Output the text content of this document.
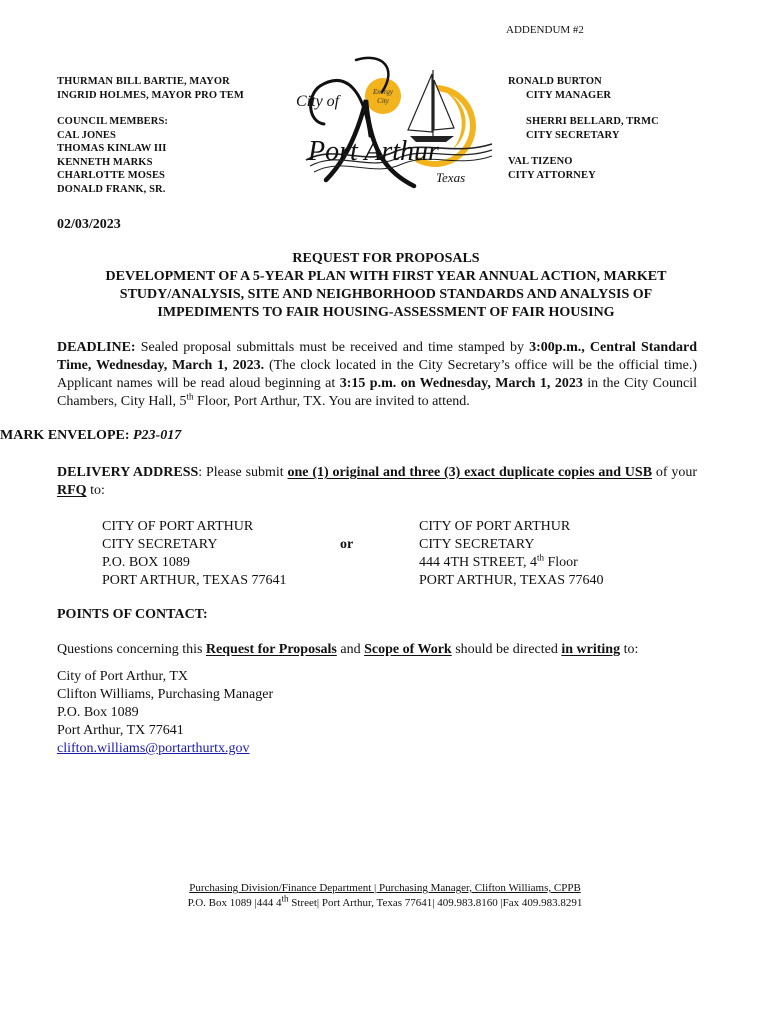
ADDENDUM #2
THURMAN BILL BARTIE, MAYOR
INGRID HOLMES, MAYOR PRO TEM
COUNCIL MEMBERS:
CAL JONES
THOMAS KINLAW III
KENNETH MARKS
CHARLOTTE MOSES
DONALD FRANK, SR.
City of
Port Arthur
Texas
Energy
City
RONALD BURTON
CITY MANAGER
SHERRI BELLARD, TRMC
CITY SECRETARY
VAL TIZENO
CITY ATTORNEY
02/03/2023
REQUEST FOR PROPOSALS
DEVELOPMENT OF A 5-YEAR PLAN WITH FIRST YEAR ANNUAL ACTION, MARKET
STUDY/ANALYSIS, SITE AND NEIGHBORHOOD STANDARDS AND ANALYSIS OF
IMPEDIMENTS TO FAIR HOUSING-ASSESSMENT OF FAIR HOUSING
DEADLINE: Sealed proposal submittals must be received and time stamped by 3:00p.m., Central Standard Time, Wednesday, March 1, 2023. (The clock located in the City Secretary’s office will be the official time.) Applicant names will be read aloud beginning at 3:15 p.m. on Wednesday, March 1, 2023 in the City Council Chambers, City Hall, 5th Floor, Port Arthur, TX. You are invited to attend.
MARK ENVELOPE: P23-017
DELIVERY ADDRESS: Please submit one (1) original and three (3) exact duplicate copies and USB of your RFQ to:
CITY OF PORT ARTHUR
CITY SECRETARY
P.O. BOX 1089
PORT ARTHUR, TEXAS 77641
or
CITY OF PORT ARTHUR
CITY SECRETARY
444 4TH STREET, 4th Floor
PORT ARTHUR, TEXAS 77640
POINTS OF CONTACT:
Questions concerning this Request for Proposals and Scope of Work should be directed in writing to:
City of Port Arthur, TX
Clifton Williams, Purchasing Manager
P.O. Box 1089
Port Arthur, TX 77641
clifton.williams@portarthurtx.gov
Purchasing Division/Finance Department | Purchasing Manager, Clifton Williams, CPPB
P.O. Box 1089 |444 4th Street| Port Arthur, Texas 77641| 409.983.8160 |Fax 409.983.8291
